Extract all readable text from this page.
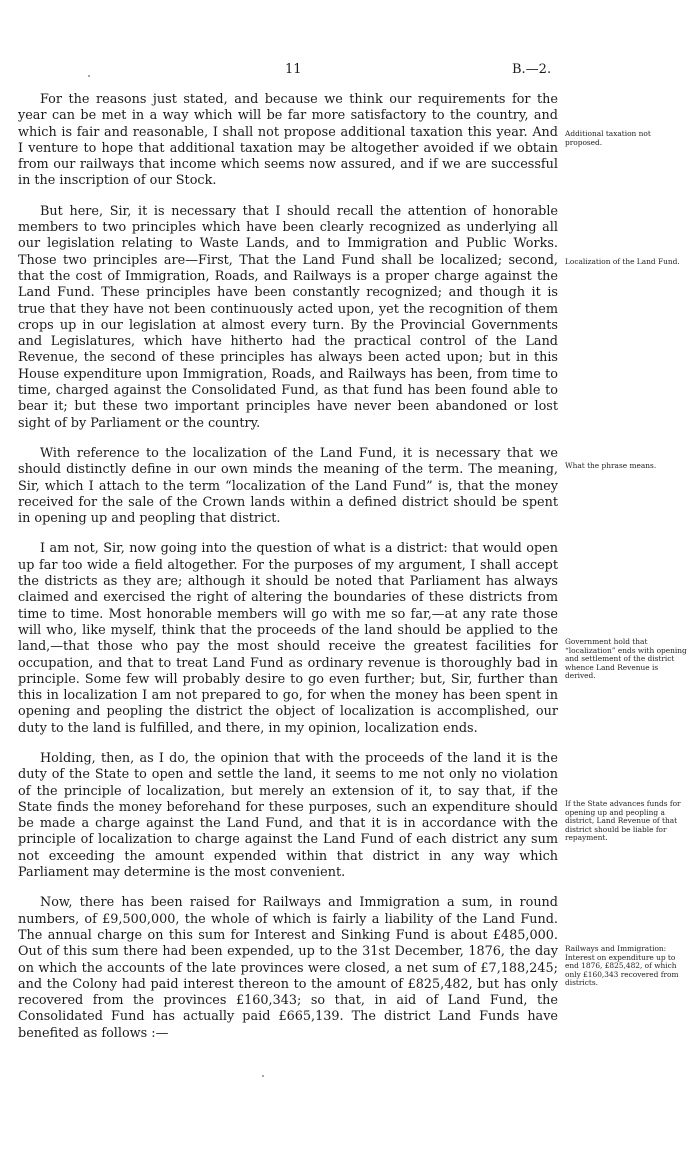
11	B.—2.

For the reasons just stated, and because we think our requirements for the year can be met in a way which will be far more satisfactory to the country, and which is fair and reasonable, I shall not propose additional taxation this year. And I venture to hope that additional taxation may be altogether avoided if we obtain from our railways that income which seems now assured, and if we are successful in the inscription of our Stock.

But here, Sir, it is necessary that I should recall the attention of honorable members to two principles which have been clearly recognized as underlying all our legislation relating to Waste Lands, and to Immigration and Public Works. Those two principles are—First, That the Land Fund shall be localized; second, that the cost of Immigration, Roads, and Railways is a proper charge against the Land Fund. These principles have been constantly recognized; and though it is true that they have not been continuously acted upon, yet the recognition of them crops up in our legislation at almost every turn. By the Provincial Governments and Legislatures, which have hitherto had the practical control of the Land Revenue, the second of these principles has always been acted upon; but in this House expenditure upon Immigration, Roads, and Railways has been, from time to time, charged against the Consolidated Fund, as that fund has been found able to bear it; but these two important principles have never been abandoned or lost sight of by Parliament or the country.

With reference to the localization of the Land Fund, it is necessary that we should distinctly define in our own minds the meaning of the term. The meaning, Sir, which I attach to the term “localization of the Land Fund” is, that the money received for the sale of the Crown lands within a defined district should be spent in opening up and peopling that district.

I am not, Sir, now going into the question of what is a district: that would open up far too wide a field altogether. For the purposes of my argument, I shall accept the districts as they are; although it should be noted that Parliament has always claimed and exercised the right of altering the boundaries of these districts from time to time. Most honorable members will go with me so far,—at any rate those will who, like myself, think that the proceeds of the land should be applied to the land,—that those who pay the most should receive the greatest facilities for occupation, and that to treat Land Fund as ordinary revenue is thoroughly bad in principle. Some few will probably desire to go even further; but, Sir, further than this in localization I am not prepared to go, for when the money has been spent in opening and peopling the district the object of localization is accomplished, our duty to the land is fulfilled, and there, in my opinion, localization ends.

Holding, then, as I do, the opinion that with the proceeds of the land it is the duty of the State to open and settle the land, it seems to me not only no violation of the principle of localization, but merely an extension of it, to say that, if the State finds the money beforehand for these purposes, such an expenditure should be made a charge against the Land Fund, and that it is in accordance with the principle of localization to charge against the Land Fund of each district any sum not exceeding the amount expended within that district in any way which Parliament may determine is the most convenient.

Now, there has been raised for Railways and Immigration a sum, in round numbers, of £9,500,000, the whole of which is fairly a liability of the Land Fund. The annual charge on this sum for Interest and Sinking Fund is about £485,000. Out of this sum there had been expended, up to the 31st December, 1876, the day on which the accounts of the late provinces were closed, a net sum of £7,188,245; and the Colony had paid interest thereon to the amount of £825,482, but has only recovered from the provinces £160,343; so that, in aid of Land Fund, the Consolidated Fund has actually paid £665,139. The district Land Funds have benefited as follows :—

Additional taxation not proposed.
Localization of the Land Fund.
What the phrase means.
Government hold that “localization” ends with opening and settlement of the district whence Land Revenue is derived.
If the State advances funds for opening up and peopling a district, Land Revenue of that district should be liable for repayment.
Railways and Immigration: Interest on expenditure up to end 1876, £825,482, of which only £160,343 recovered from districts.
